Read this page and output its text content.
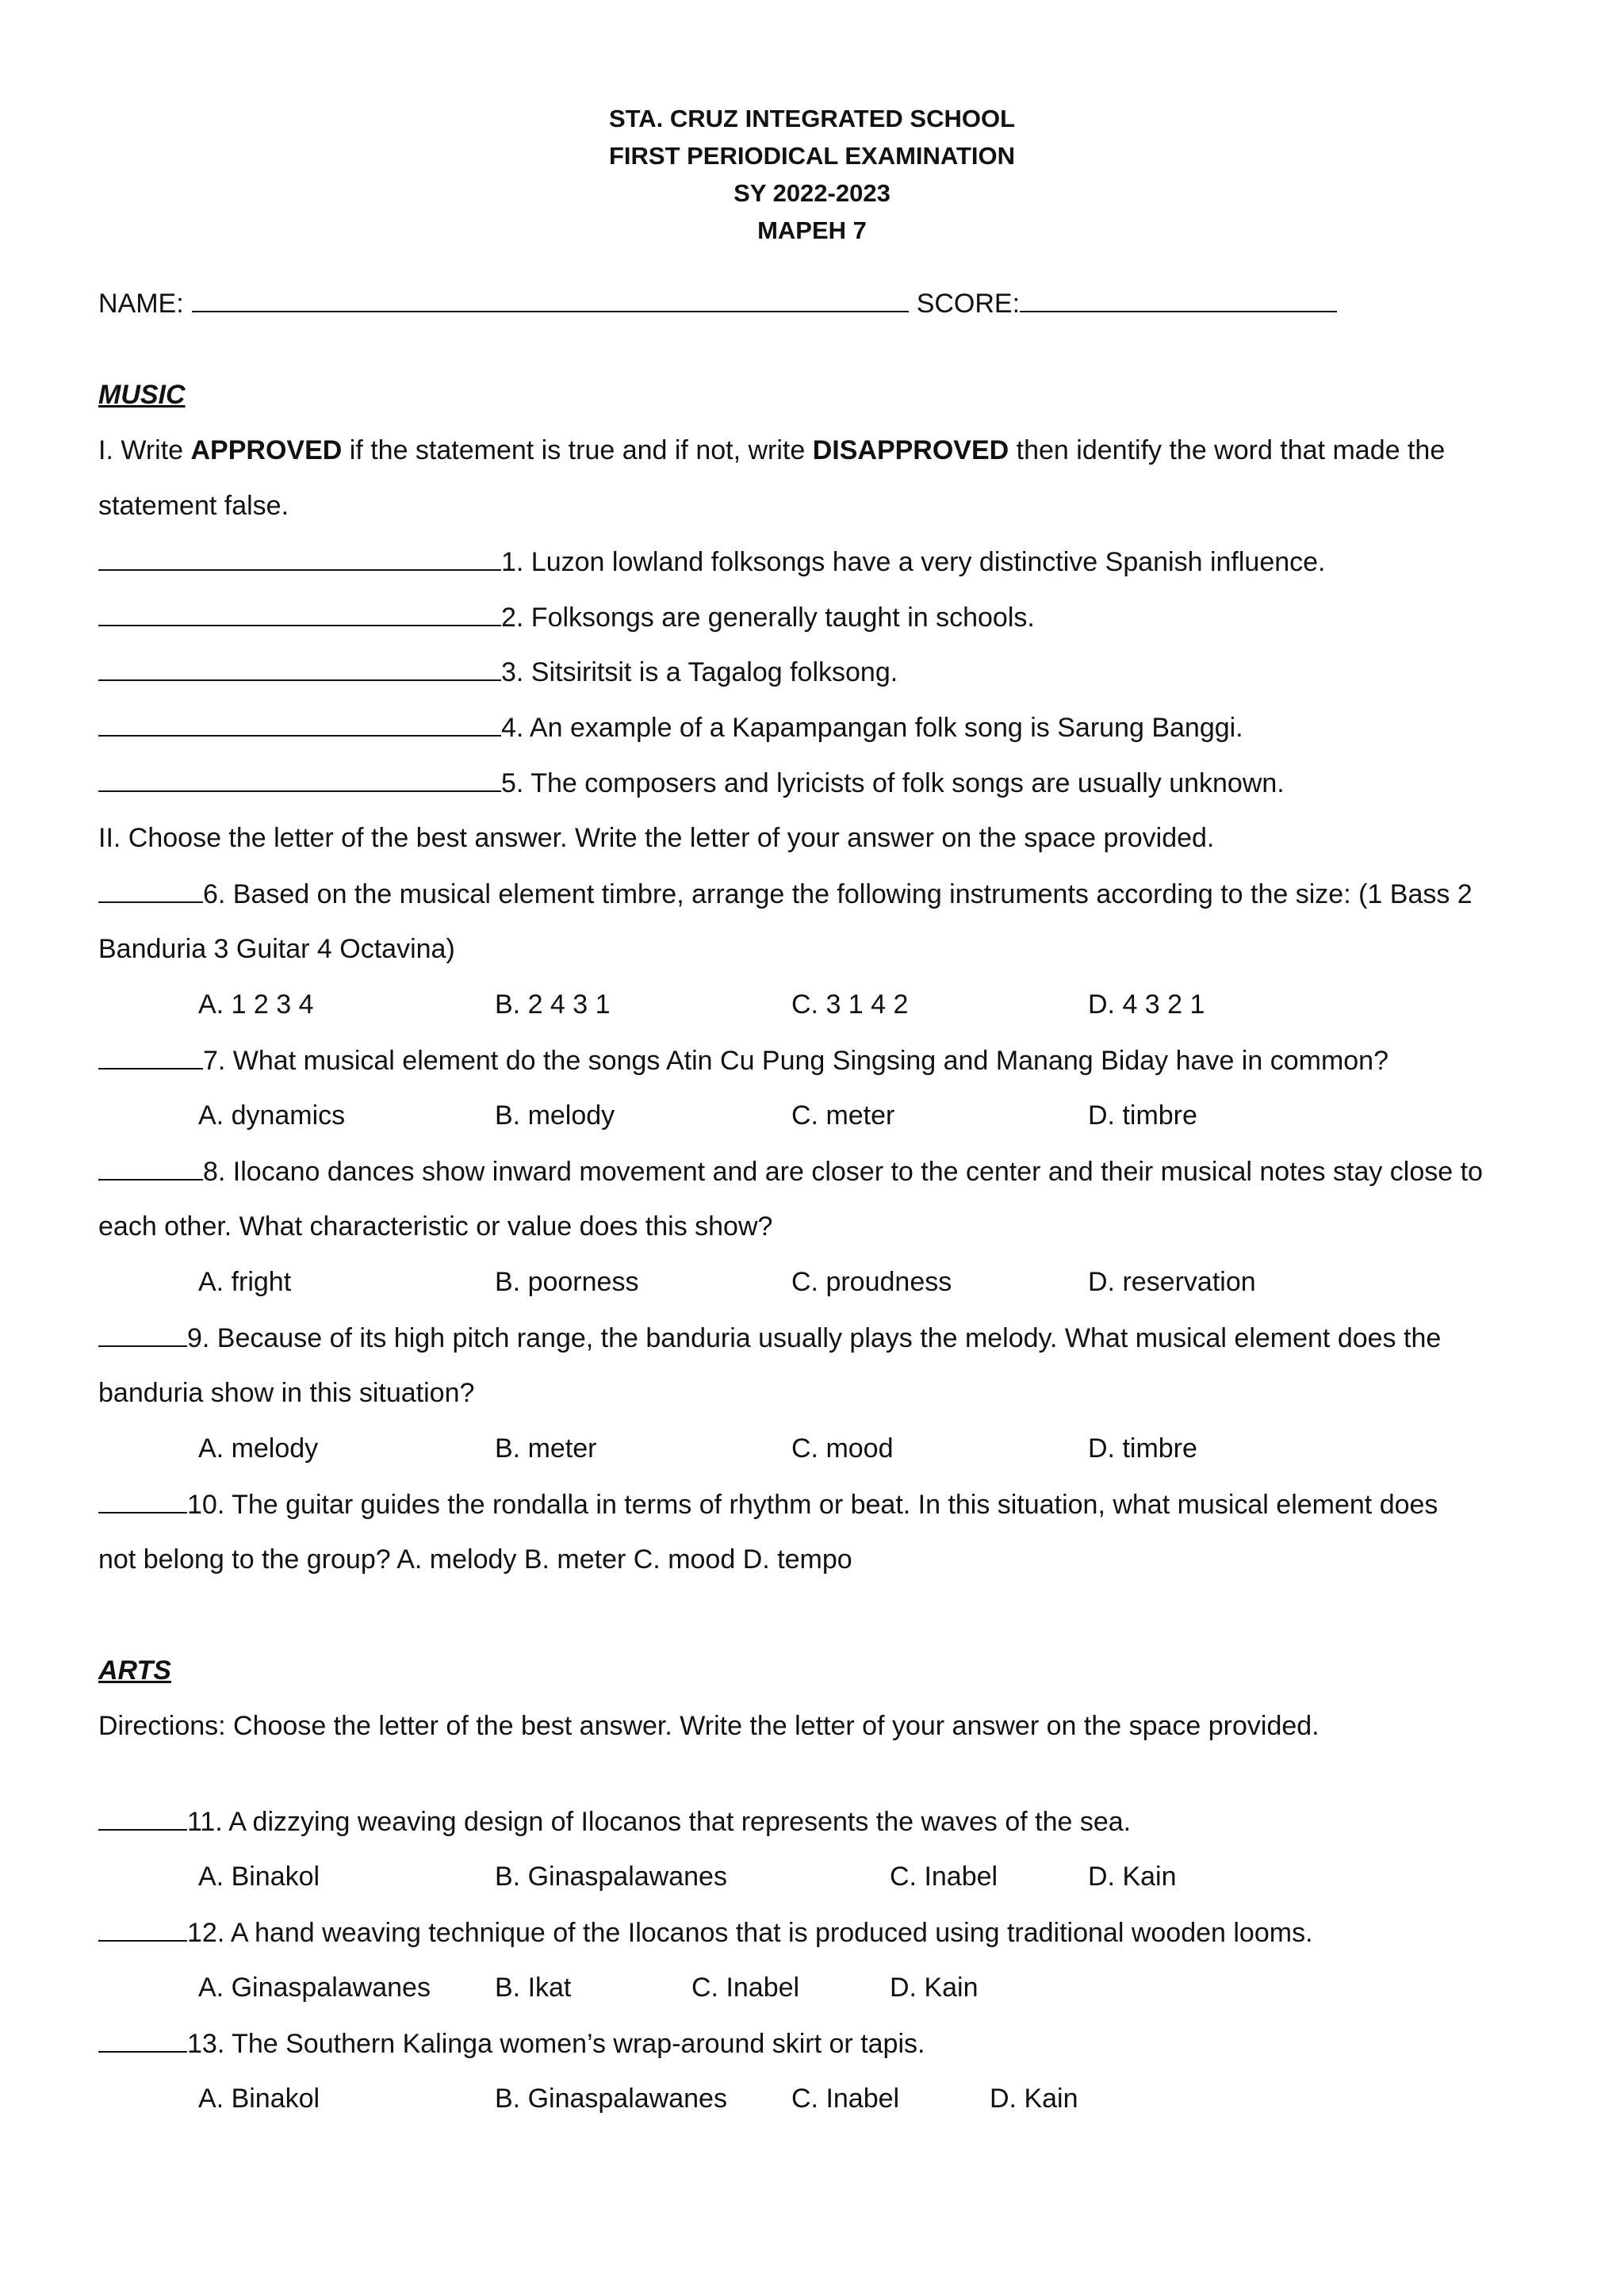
STA. CRUZ INTEGRATED SCHOOL
FIRST PERIODICAL EXAMINATION
SY 2022-2023
MAPEH 7
NAME:	SCORE:
MUSIC
I. Write APPROVED if the statement is true and if not, write DISAPPROVED then identify the word that made the
statement false.
1. Luzon lowland folksongs have a very distinctive Spanish influence.
2. Folksongs are generally taught in schools.
3. Sitsiritsit is a Tagalog folksong.
4. An example of a Kapampangan folk song is Sarung Banggi.
5. The composers and lyricists of folk songs are usually unknown.
II. Choose the letter of the best answer. Write the letter of your answer on the space provided.
6. Based on the musical element timbre, arrange the following instruments according to the size: (1 Bass 2
Banduria 3 Guitar 4 Octavina)
A. 1 2 3 4	B. 2 4 3 1	C. 3 1 4 2	D. 4 3 2 1
7. What musical element do the songs Atin Cu Pung Singsing and Manang Biday have in common?
A. dynamics	B. melody	C. meter	D. timbre
8. Ilocano dances show inward movement and are closer to the center and their musical notes stay close to
each other. What characteristic or value does this show?
A. fright	B. poorness	C. proudness	D. reservation
9. Because of its high pitch range, the banduria usually plays the melody. What musical element does the
banduria show in this situation?
A. melody	B. meter	C. mood	D. timbre
10. The guitar guides the rondalla in terms of rhythm or beat. In this situation, what musical element does
not belong to the group? A. melody B. meter C. mood D. tempo
ARTS
Directions: Choose the letter of the best answer. Write the letter of your answer on the space provided.
11. A dizzying weaving design of Ilocanos that represents the waves of the sea.
A. Binakol	B. Ginaspalawanes	C. Inabel	D. Kain
12. A hand weaving technique of the Ilocanos that is produced using traditional wooden looms.
A. Ginaspalawanes B. Ikat	C. Inabel	D. Kain
13. The Southern Kalinga women’s wrap-around skirt or tapis.
A. Binakol	B. Ginaspalawanes C. Inabel	D. Kain
